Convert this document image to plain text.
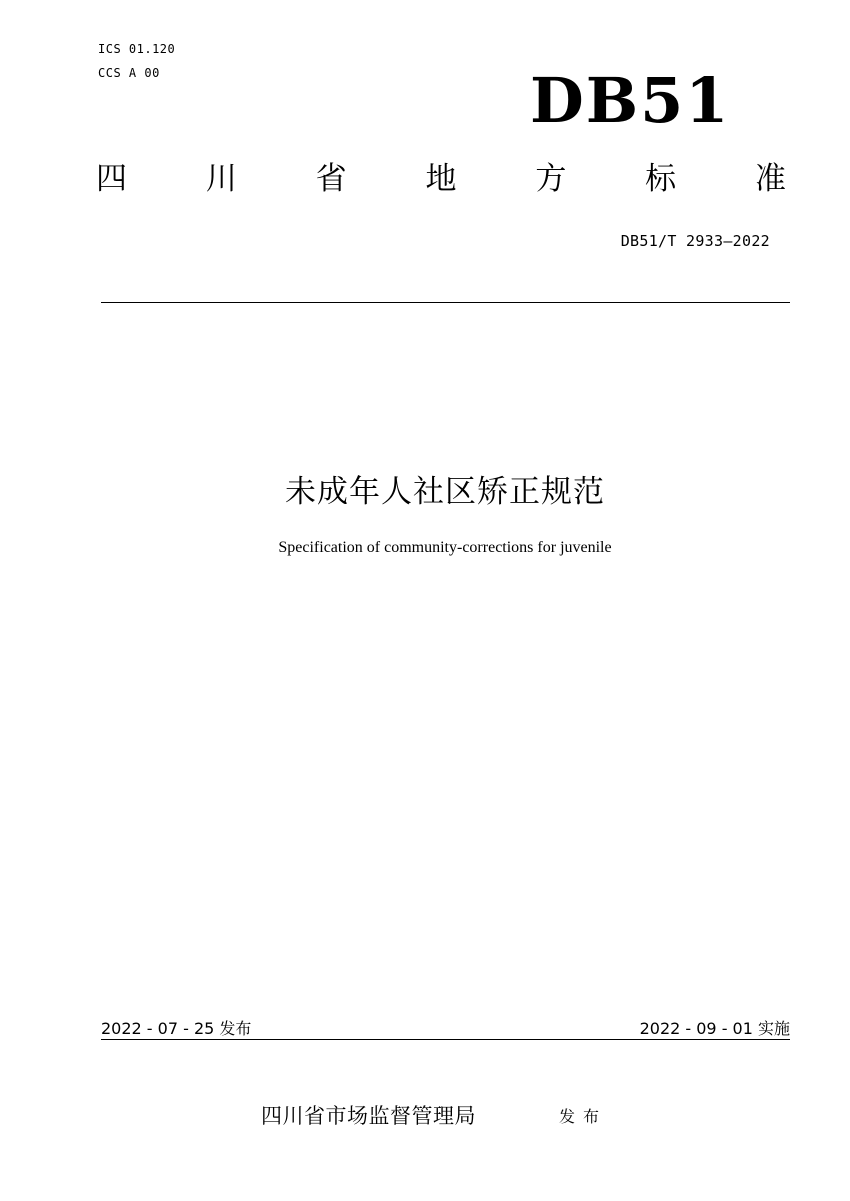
ICS 01.120
CCS A 00	DB51
四	川	省	地	方	标	准
DB51/T 2933—2022
未成年人社区矫正规范
Specification of community-corrections for juvenile
2022 - 07 - 25 发布	2022 - 09 - 01 实施
四川省市场监督管理局	发布
